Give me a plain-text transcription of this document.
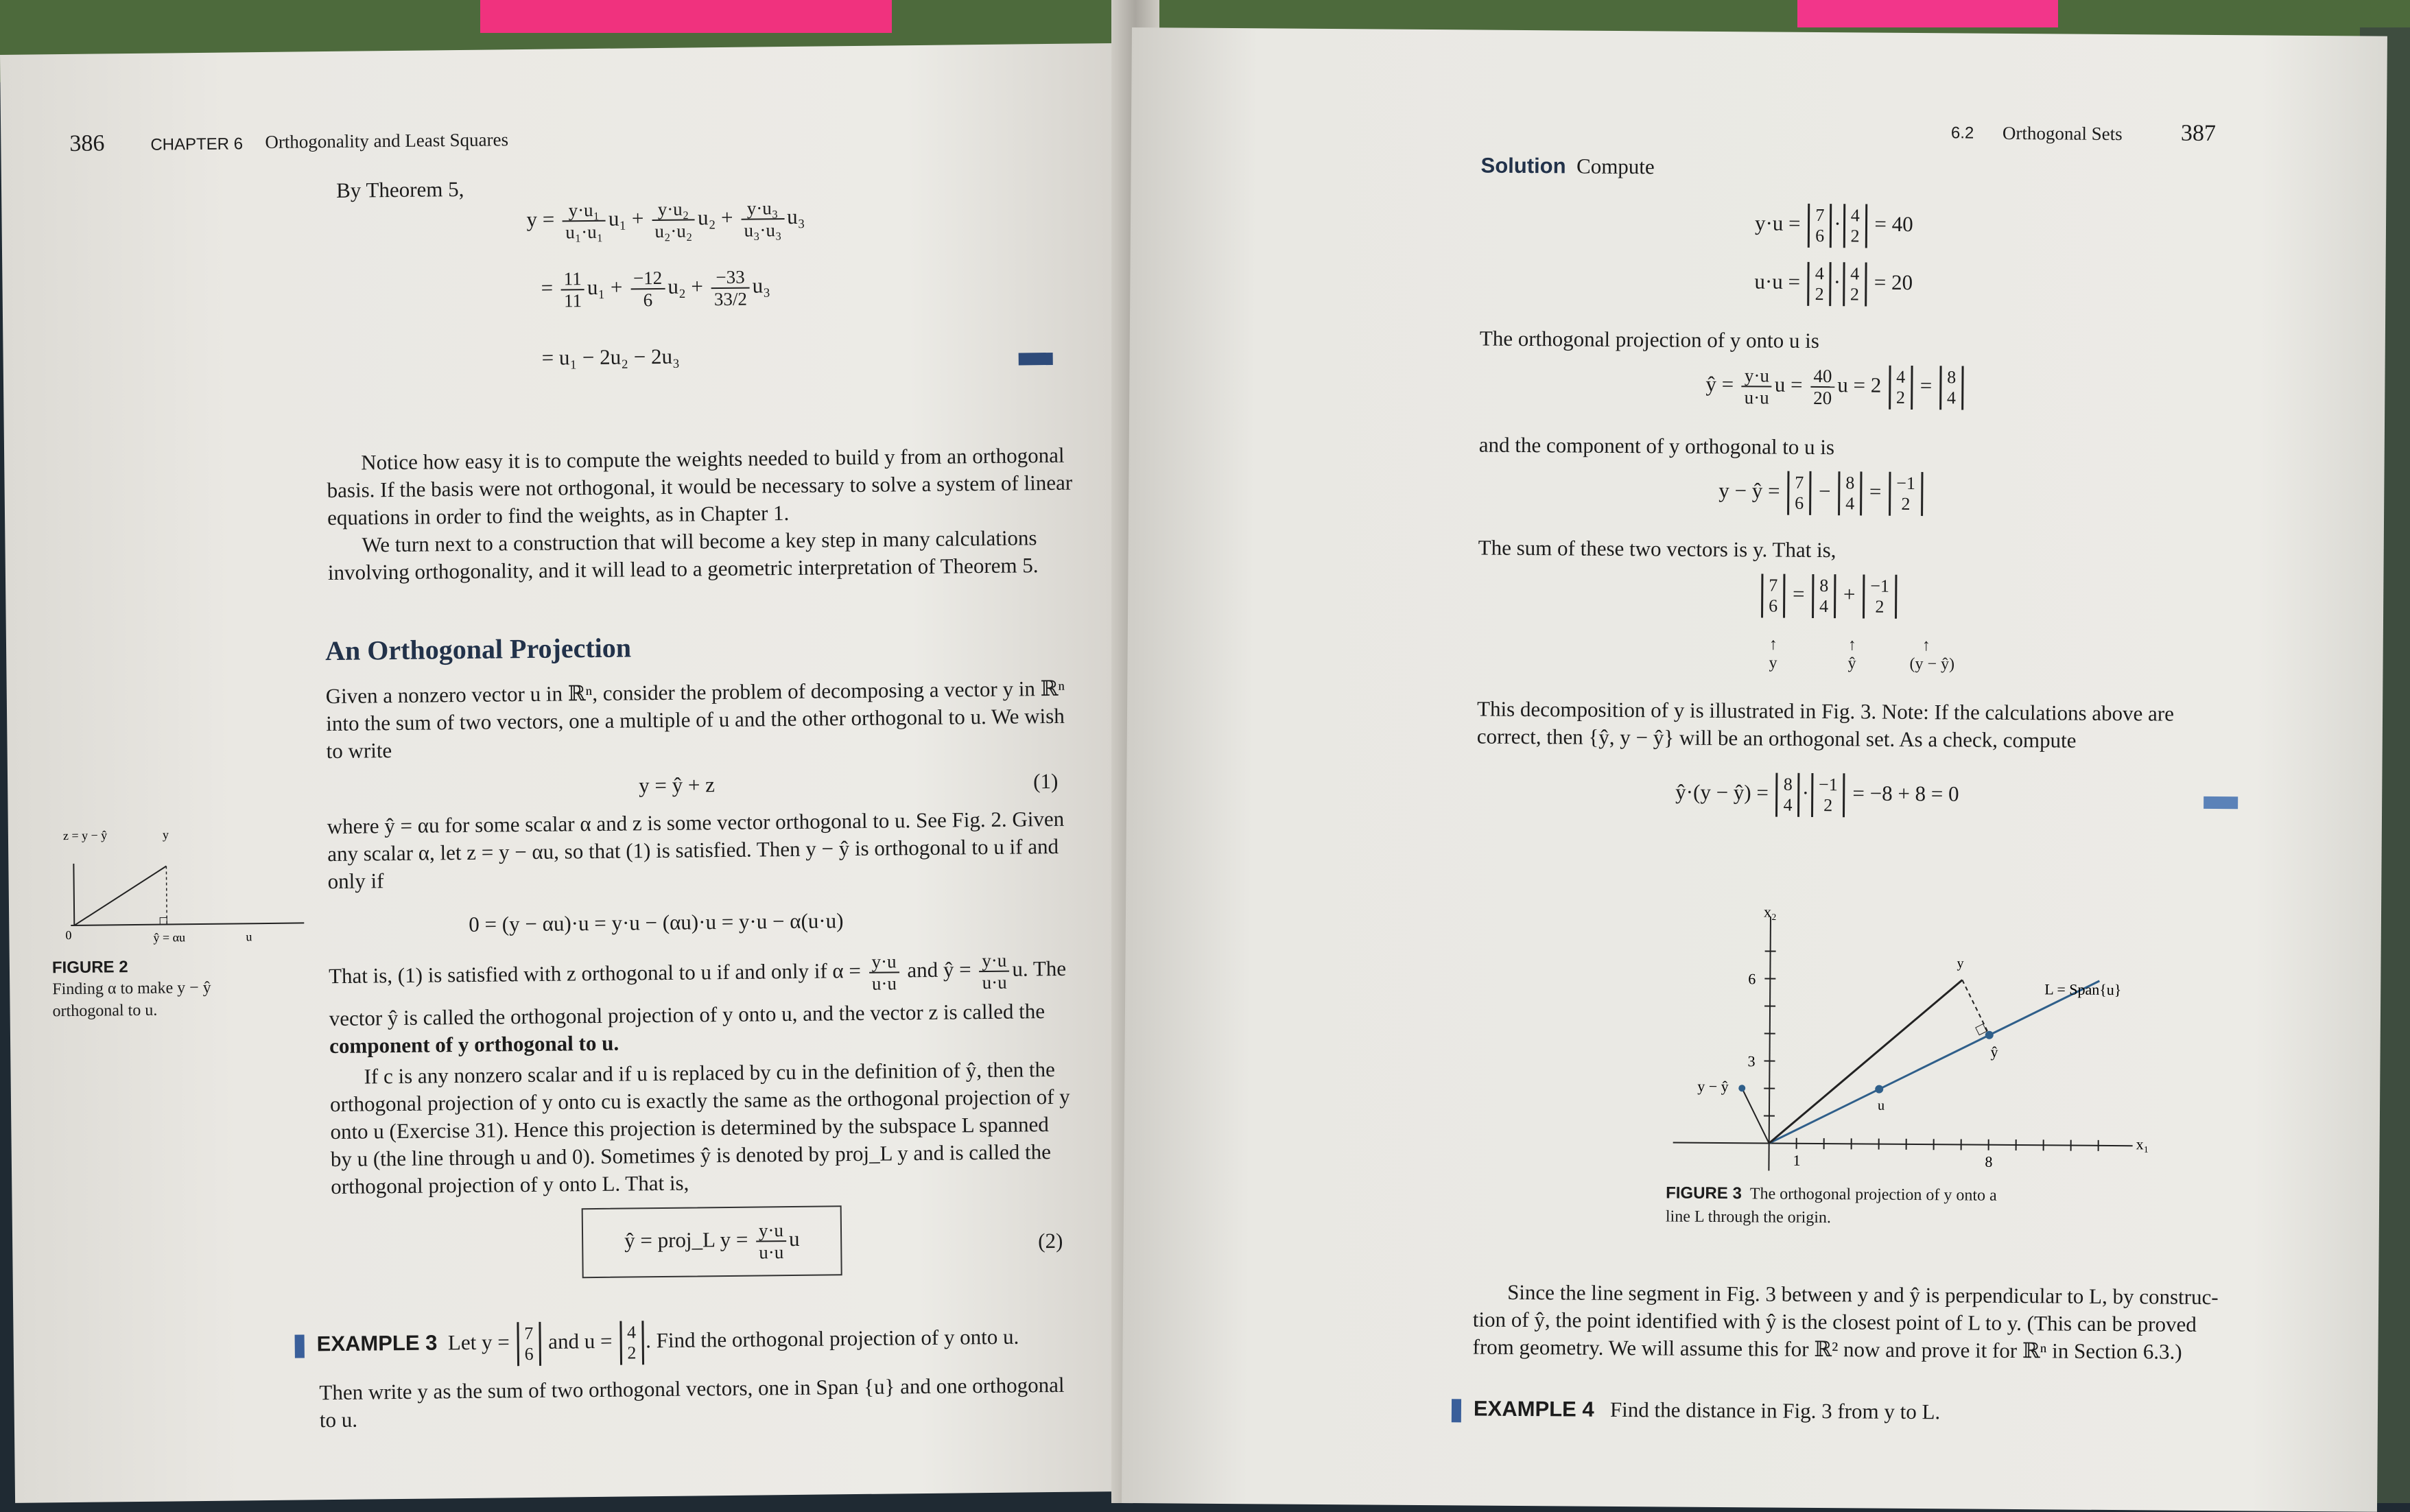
386	CHAPTER 6 Orthogonality and Least Squares
By Theorem 5,
$y = \frac{\text{y·u₁}}{\text{u₁·u₁}} u_1 + \frac{\text{y·u₂}}{\text{u₂·u₂}} u_2 + \frac{\text{y·u₃}}{\text{u₃·u₃}} u_3$
= $\frac{11}{11} u_1 + \frac{-12}{6} u_2 + \frac{-33}{33/2} u_3$
= u₁ − 2u₂ − 2u₃
Notice how easy it is to compute the weights needed to build y from an orthogonal
basis. If the basis were not orthogonal, it would be necessary to solve a system of linear
equations in order to find the weights, as in Chapter 1.
We turn next to a construction that will become a key step in many calculations
involving orthogonality, and it will lead to a geometric interpretation of Theorem 5.
An Orthogonal Projection
Given a nonzero vector u in ℝⁿ, consider the problem of decomposing a vector y in ℝⁿ
into the sum of two vectors, one a multiple of u and the other orthogonal to u. We wish
to write
y = ŷ + z	(1)
where ŷ = αu for some scalar α and z is some vector orthogonal to u. See Fig. 2. Given
any scalar α, let z = y − αu, so that (1) is satisfied. Then y − ŷ is orthogonal to u if and
only if
0 = (y − αu)·u = y·u − (αu)·u = y·u − α(u·u)
That is, (1) is satisfied with z orthogonal to u if and only if $\alpha = \frac{y\cdot u}{u\cdot u}$ and ŷ = $\frac{y\cdot u}{u\cdot u} u$. The
vector ŷ is called the orthogonal projection of y onto u, and the vector z is called the
component of y orthogonal to u.
If c is any nonzero scalar and if u is replaced by cu in the definition of ŷ, then the
orthogonal projection of y onto cu is exactly the same as the orthogonal projection of y
onto u (Exercise 31). Hence this projection is determined by the subspace L spanned
by u (the line through u and 0). Sometimes ŷ is denoted by proj_L y and is called the
orthogonal projection of y onto L. That is,
ŷ = proj_L $y = \frac{y\cdot u}{u\cdot u}$ u	(2)
EXAMPLE 3 Let y = 7
6
and u = 4
2
. Find the orthogonal projection of y onto u.
Then write y as the sum of two orthogonal vectors, one in Span {u} and one orthogonal
to u.
z = y − ŷ	y
0	ŷ = αu	u
FIGURE 2
Finding α to make y − ŷ
orthogonal to u.
6.2 Orthogonal Sets	387
Solution Compute
y·u = 7
6
· 4
2 = 40
u·u = 4
2
· 4
2 = 20
The orthogonal projection of y onto u is
ŷ = $\frac{y\cdot u}{u\cdot u}$ $u = \frac{40}{20}$ u = 2 4
2
= 8
4
and the component of y orthogonal to u is
y − ŷ = 7
6
− 8
4
= −1
2
The sum of these two vectors is y. That is,
7
6
= 8
4
+ −1
2
↑
y
↑
ŷ
↑
(y − ŷ)
This decomposition of y is illustrated in Fig. 3. Note: If the calculations above are
correct, then {ŷ, y − ŷ} will be an orthogonal set. As a check, compute
ŷ·(y − ŷ) = 8
4
· −1
2 = −8 + 8 = 0
x₂
x₁
6
3
1	8
y
L = Span{u}
ŷ
u
y − ŷ
FIGURE 3 The orthogonal projection of y onto a
line L through the origin.
Since the line segment in Fig. 3 between y and ŷ is perpendicular to L, by construc-
tion of ŷ, the point identified with ŷ is the closest point of L to y. (This can be proved
from geometry. We will assume this for ℝ² now and prove it for ℝⁿ in Section 6.3.)
EXAMPLE 4 Find the distance in Fig. 3 from y to L.
